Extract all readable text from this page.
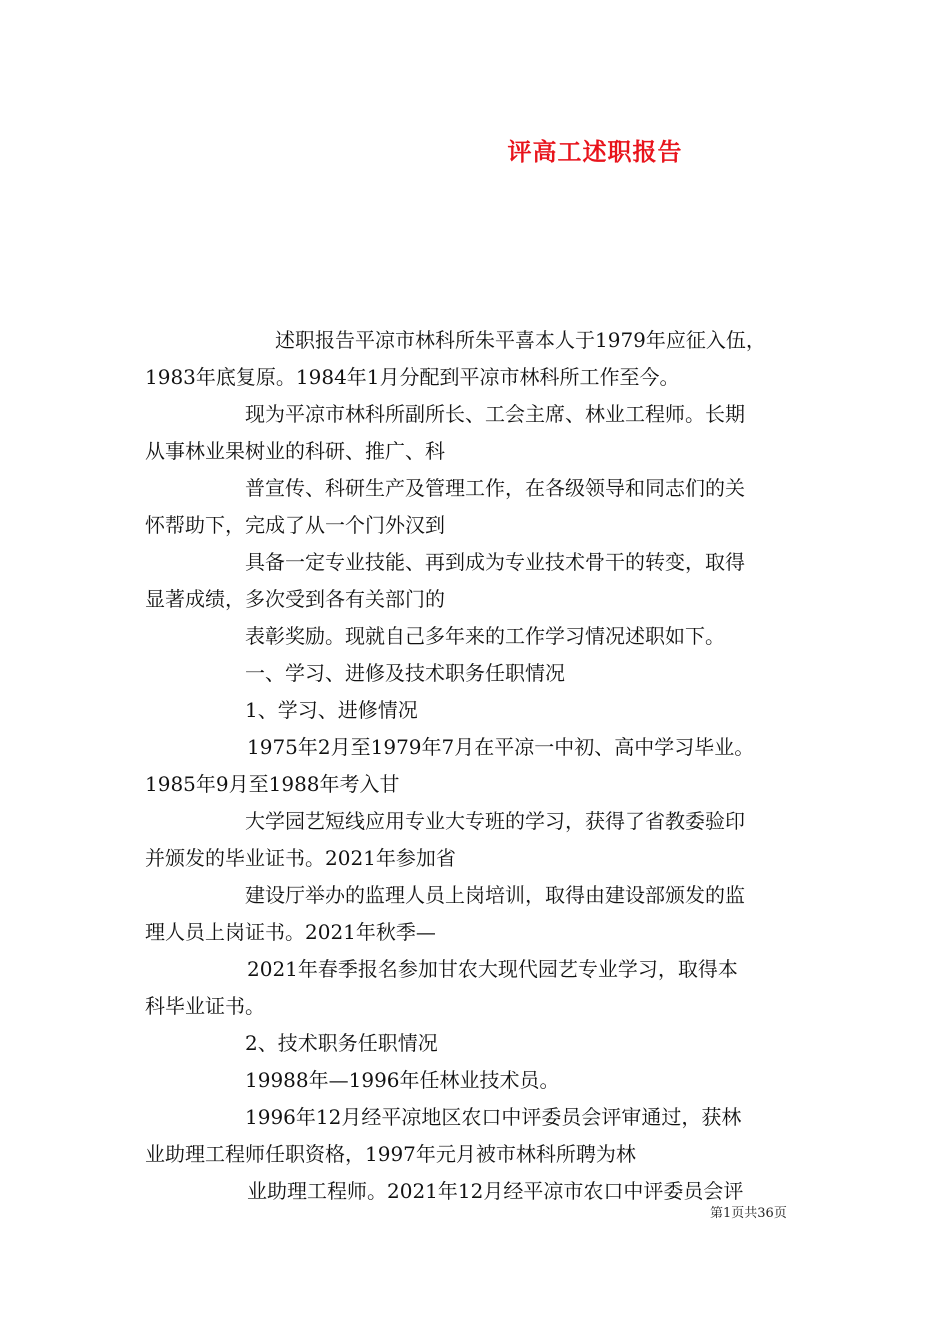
评高工述职报告

述职报告平凉市林科所朱平喜本人于1979年应征入伍，
1983年底复原。1984年1月分配到平凉市林科所工作至今。

现为平凉市林科所副所长、工会主席、林业工程师。长期
从事林业果树业的科研、推广、科

普宣传、科研生产及管理工作，在各级领导和同志们的关
怀帮助下，完成了从一个门外汉到

具备一定专业技能、再到成为专业技术骨干的转变，取得
显著成绩，多次受到各有关部门的

表彰奖励。现就自己多年来的工作学习情况述职如下。

一、学习、进修及技术职务任职情况

1、学习、进修情况

1975年2月至1979年7月在平凉一中初、高中学习毕业。
1985年9月至1988年考入甘

大学园艺短线应用专业大专班的学习，获得了省教委验印
并颁发的毕业证书。2021年参加省

建设厅举办的监理人员上岗培训，取得由建设部颁发的监
理人员上岗证书。2021年秋季—

2021年春季报名参加甘农大现代园艺专业学习，取得本
科毕业证书。

2、技术职务任职情况

19988年—1996年任林业技术员。

1996年12月经平凉地区农口中评委员会评审通过，获林
业助理工程师任职资格，1997年元月被市林科所聘为林

业助理工程师。2021年12月经平凉市农口中评委员会评

第1页共36页
